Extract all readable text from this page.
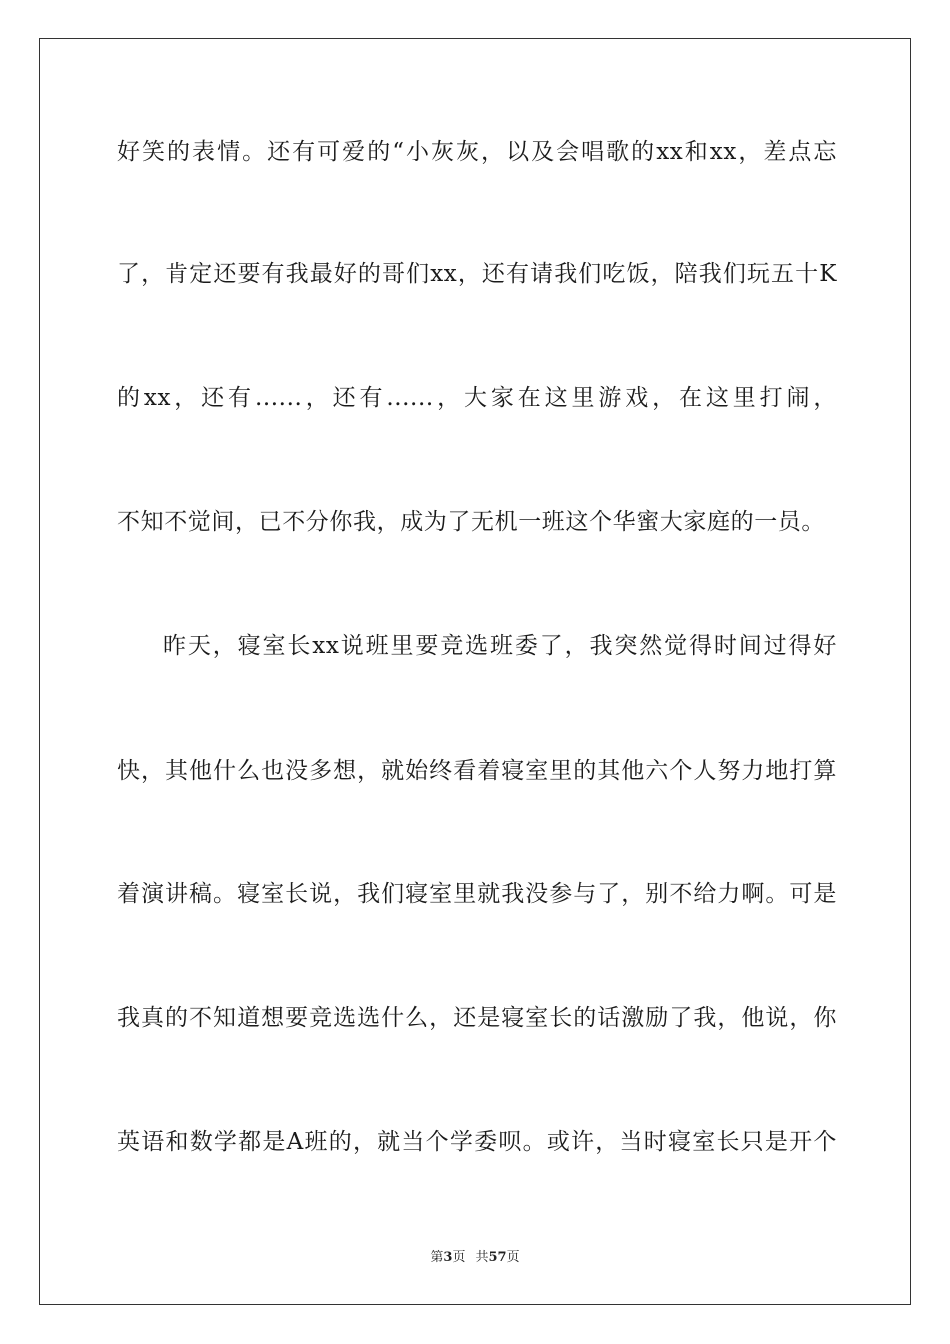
好笑的表情。还有可爱的“小灰灰，以及会唱歌的xx和xx，差点忘
了，肯定还要有我最好的哥们xx，还有请我们吃饭，陪我们玩五十K
的xx，还有......，还有......，大家在这里游戏，在这里打闹，
不知不觉间，已不分你我，成为了无机一班这个华蜜大家庭的一员。
昨天，寝室长xx说班里要竞选班委了，我突然觉得时间过得好
快，其他什么也没多想，就始终看着寝室里的其他六个人努力地打算
着演讲稿。寝室长说，我们寝室里就我没参与了，别不给力啊。可是
我真的不知道想要竞选选什么，还是寝室长的话激励了我，他说，你
英语和数学都是A班的，就当个学委呗。或许，当时寝室长只是开个
第3页 共57页
